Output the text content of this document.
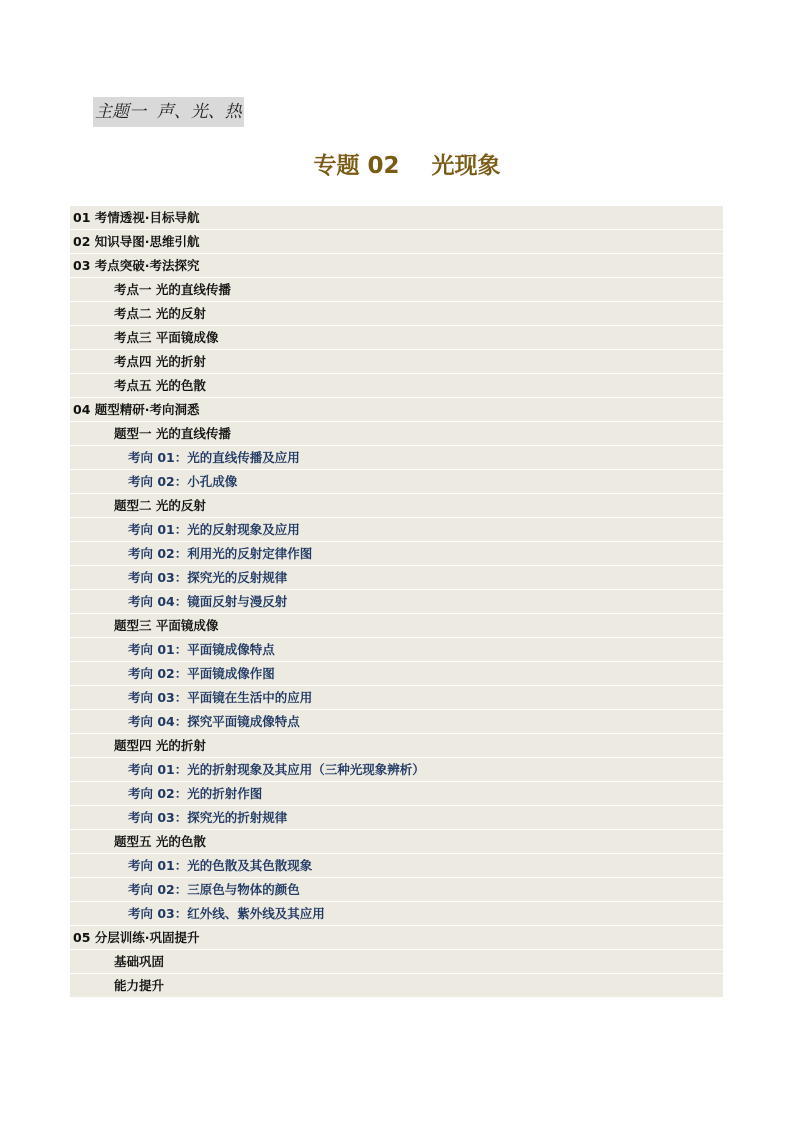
主题一  声、光、热
专题 02    光现象
01 考情透视·目标导航
02 知识导图·思维引航
03 考点突破·考法探究
考点一 光的直线传播
考点二 光的反射
考点三 平面镜成像
考点四 光的折射
考点五 光的色散
04 题型精研·考向洞悉
题型一 光的直线传播
考向 01：光的直线传播及应用
考向 02：小孔成像
题型二 光的反射
考向 01：光的反射现象及应用
考向 02：利用光的反射定律作图
考向 03：探究光的反射规律
考向 04：镜面反射与漫反射
题型三 平面镜成像
考向 01：平面镜成像特点
考向 02：平面镜成像作图
考向 03：平面镜在生活中的应用
考向 04：探究平面镜成像特点
题型四 光的折射
考向 01：光的折射现象及其应用（三种光现象辨析）
考向 02：光的折射作图
考向 03：探究光的折射规律
题型五 光的色散
考向 01：光的色散及其色散现象
考向 02：三原色与物体的颜色
考向 03：红外线、紫外线及其应用
05 分层训练·巩固提升
基础巩固
能力提升
